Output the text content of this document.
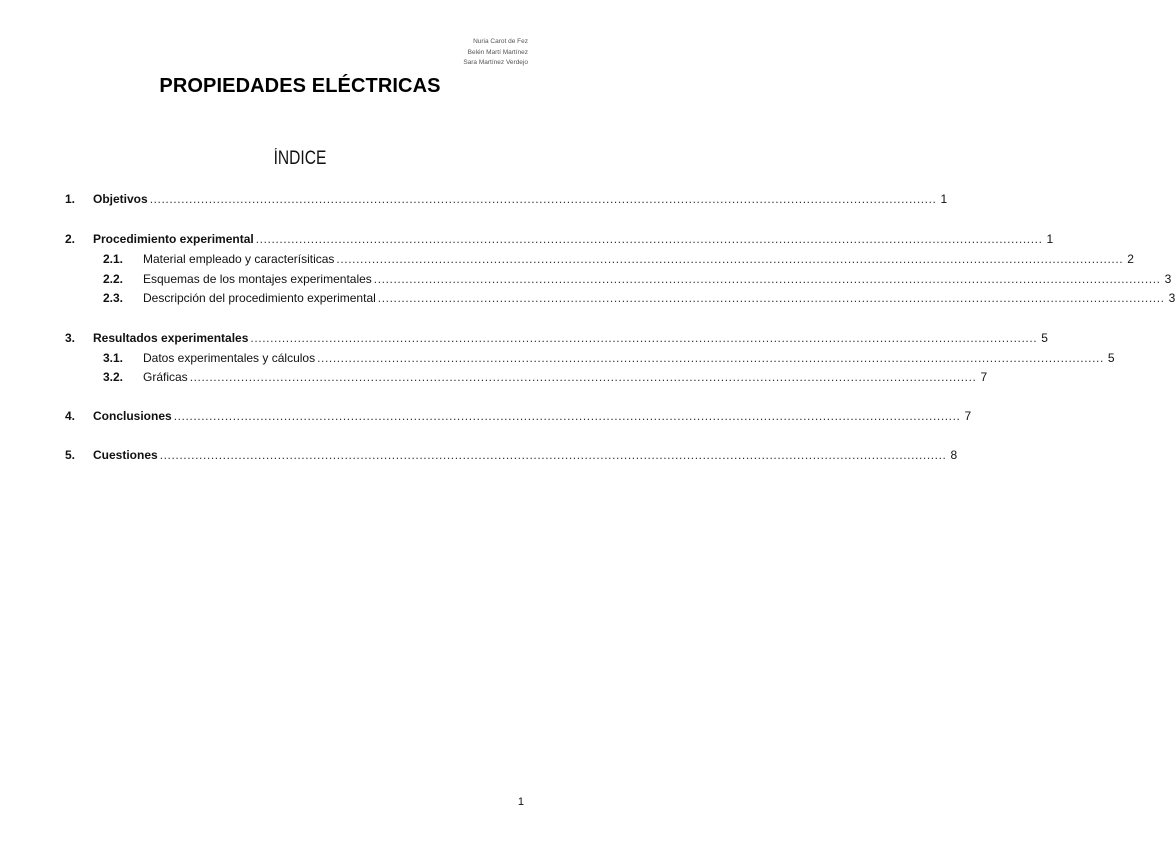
Nuria Carot de Fez
Belén Martí Martínez
Sara Martínez Verdejo
PROPIEDADES ELÉCTRICAS
ÍNDICE
1. Objetivos ........................................................................................................................................................................................................ 1
2. Procedimiento experimental ........................................................................................................................................................................................................ 1
2.1. Material empleado y caracterísiticas ........................................................................................................................................................................................................ 2
2.2. Esquemas de los montajes experimentales ........................................................................................................................................................................................................ 3
2.3. Descripción del procedimiento experimental ........................................................................................................................................................................................................ 3
3. Resultados experimentales ........................................................................................................................................................................................................ 5
3.1. Datos experimentales y cálculos ........................................................................................................................................................................................................ 5
3.2. Gráficas ........................................................................................................................................................................................................ 7
4. Conclusiones ........................................................................................................................................................................................................ 7
5. Cuestiones ........................................................................................................................................................................................................ 8
1
